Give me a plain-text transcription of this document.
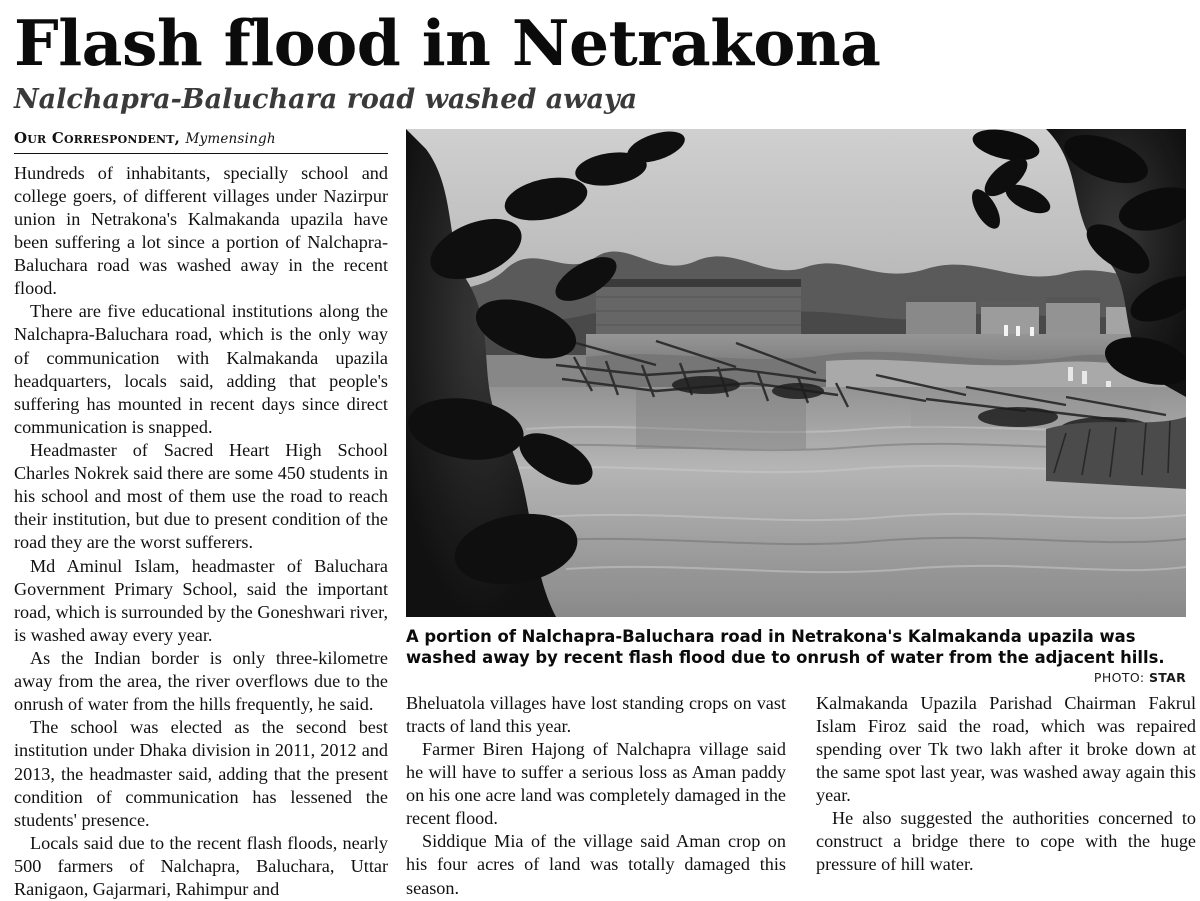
Flash flood in Netrakona
Nalchapra-Baluchara road washed awaya
Our Correspondent, Mymensingh

Hundreds of inhabitants, specially school and college goers, of different villages under Nazirpur union in Netrakona's Kalmakanda upazila have been suffering a lot since a portion of Nalchapra-Baluchara road was washed away in the recent flood.

There are five educational institutions along the Nalchapra-Baluchara road, which is the only way of communication with Kalmakanda upazila headquarters, locals said, adding that people's suffering has mounted in recent days since direct communication is snapped.

Headmaster of Sacred Heart High School Charles Nokrek said there are some 450 students in his school and most of them use the road to reach their institution, but due to present condition of the road they are the worst sufferers.

Md Aminul Islam, headmaster of Baluchara Government Primary School, said the important road, which is surrounded by the Goneshwari river, is washed away every year.

As the Indian border is only three-kilometre away from the area, the river overflows due to the onrush of water from the hills frequently, he said.

The school was elected as the second best institution under Dhaka division in 2011, 2012 and 2013, the headmaster said, adding that the present condition of communication has lessened the students' presence.

Locals said due to the recent flash floods, nearly 500 farmers of Nalchapra, Baluchara, Uttar Ranigaon, Gajarmari, Rahimpur and

A portion of Nalchapra-Baluchara road in Netrakona's Kalmakanda upazila was washed away by recent flash flood due to onrush of water from the adjacent hills.
PHOTO: STAR

Bheluatola villages have lost standing crops on vast tracts of land this year.

Farmer Biren Hajong of Nalchapra village said he will have to suffer a serious loss as Aman paddy on his one acre land was completely damaged in the recent flood.

Siddique Mia of the village said Aman crop on his four acres of land was totally damaged this season.

Kalmakanda Upazila Parishad Chairman Fakrul Islam Firoz said the road, which was repaired spending over Tk two lakh after it broke down at the same spot last year, was washed away again this year.

He also suggested the authorities concerned to construct a bridge there to cope with the huge pressure of hill water.
